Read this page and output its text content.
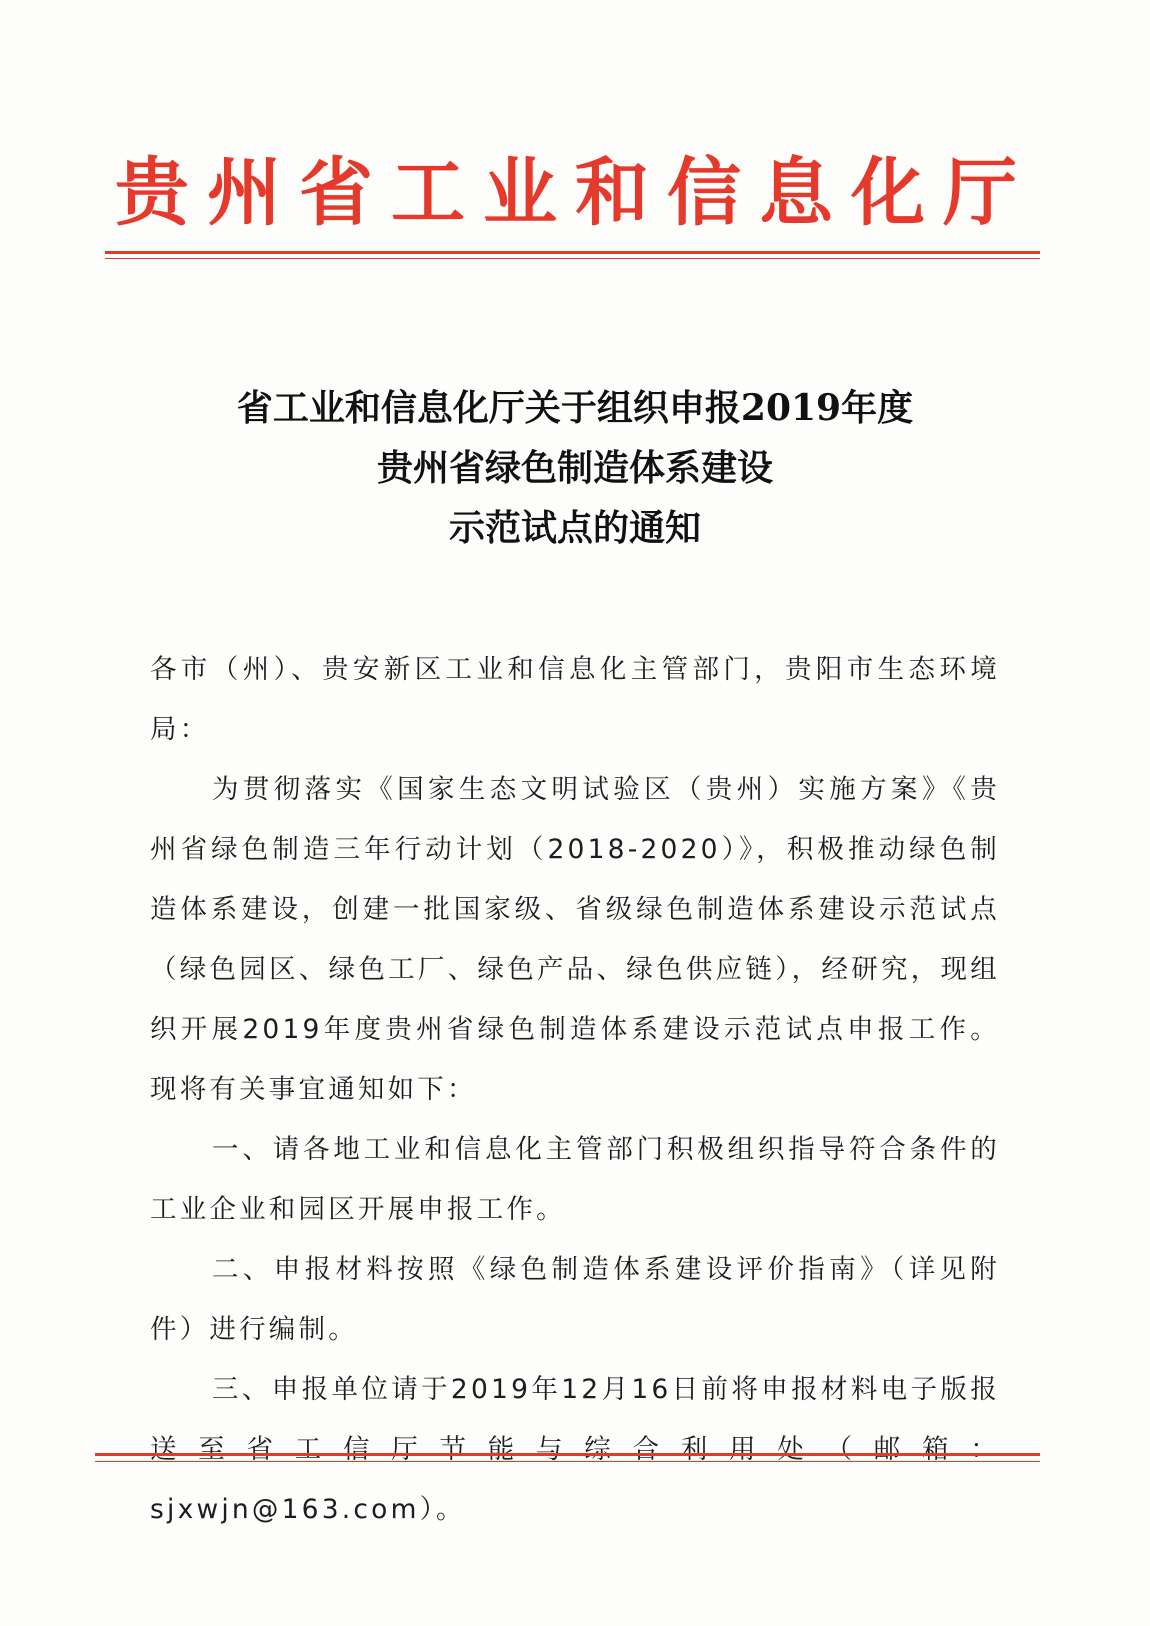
贵州省工业和信息化厅
省工业和信息化厅关于组织申报2019年度
贵州省绿色制造体系建设
示范试点的通知

各市（州）、贵安新区工业和信息化主管部门，贵阳市生态环境局：

为贯彻落实《国家生态文明试验区（贵州）实施方案》《贵州省绿色制造三年行动计划（2018-2020）》，积极推动绿色制造体系建设，创建一批国家级、省级绿色制造体系建设示范试点（绿色园区、绿色工厂、绿色产品、绿色供应链），经研究，现组织开展2019年度贵州省绿色制造体系建设示范试点申报工作。现将有关事宜通知如下：

一、请各地工业和信息化主管部门积极组织指导符合条件的工业企业和园区开展申报工作。

二、申报材料按照《绿色制造体系建设评价指南》（详见附件）进行编制。

三、申报单位请于2019年12月16日前将申报材料电子版报送至省工信厅节能与综合利用处（邮箱：sjxwjn@163.com）。
